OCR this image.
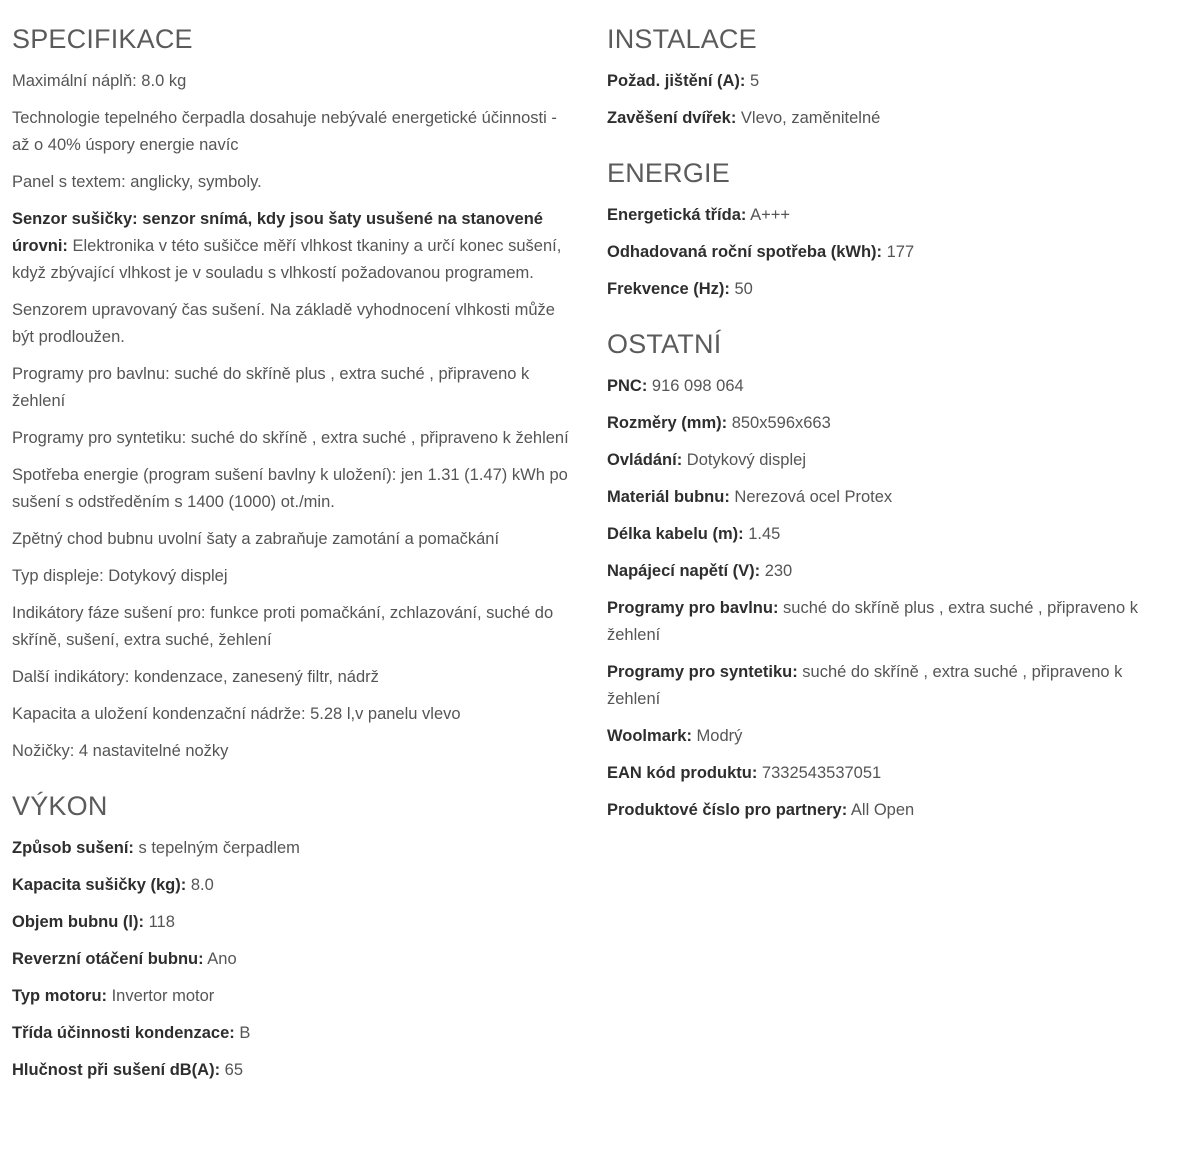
SPECIFIKACE

Maximální náplň: 8.0 kg

Technologie tepelného čerpadla dosahuje nebývalé energetické účinnosti - až o 40% úspory energie navíc

Panel s textem: anglicky, symboly.

Senzor sušičky: senzor snímá, kdy jsou šaty usušené na stanovené úrovni: Elektronika v této sušičce měří vlhkost tkaniny a určí konec sušení, když zbývající vlhkost je v souladu s vlhkostí požadovanou programem.

Senzorem upravovaný čas sušení. Na základě vyhodnocení vlhkosti může být prodloužen.

Programy pro bavlnu: suché do skříně plus , extra suché , připraveno k žehlení

Programy pro syntetiku: suché do skříně , extra suché , připraveno k žehlení

Spotřeba energie (program sušení bavlny k uložení): jen 1.31 (1.47) kWh po sušení s odstředěním s 1400 (1000) ot./min.

Zpětný chod bubnu uvolní šaty a zabraňuje zamotání a pomačkání

Typ displeje: Dotykový displej

Indikátory fáze sušení pro: funkce proti pomačkání, zchlazování, suché do skříně, sušení, extra suché, žehlení

Další indikátory: kondenzace, zanesený filtr, nádrž

Kapacita a uložení kondenzační nádrže: 5.28 l,v panelu vlevo

Nožičky: 4 nastavitelné nožky

VÝKON

Způsob sušení: s tepelným čerpadlem

Kapacita sušičky (kg): 8.0

Objem bubnu (l): 118

Reverzní otáčení bubnu: Ano

Typ motoru: Invertor motor

Třída účinnosti kondenzace: B

Hlučnost při sušení dB(A): 65

INSTALACE

Požad. jištění (A): 5

Zavěšení dvířek: Vlevo, zaměnitelné

ENERGIE

Energetická třída: A+++

Odhadovaná roční spotřeba (kWh): 177

Frekvence (Hz): 50

OSTATNÍ

PNC: 916 098 064

Rozměry (mm): 850x596x663

Ovládání: Dotykový displej

Materiál bubnu: Nerezová ocel Protex

Délka kabelu (m): 1.45

Napájecí napětí (V): 230

Programy pro bavlnu: suché do skříně plus , extra suché , připraveno k žehlení

Programy pro syntetiku: suché do skříně , extra suché , připraveno k žehlení

Woolmark: Modrý

EAN kód produktu: 7332543537051

Produktové číslo pro partnery: All Open
